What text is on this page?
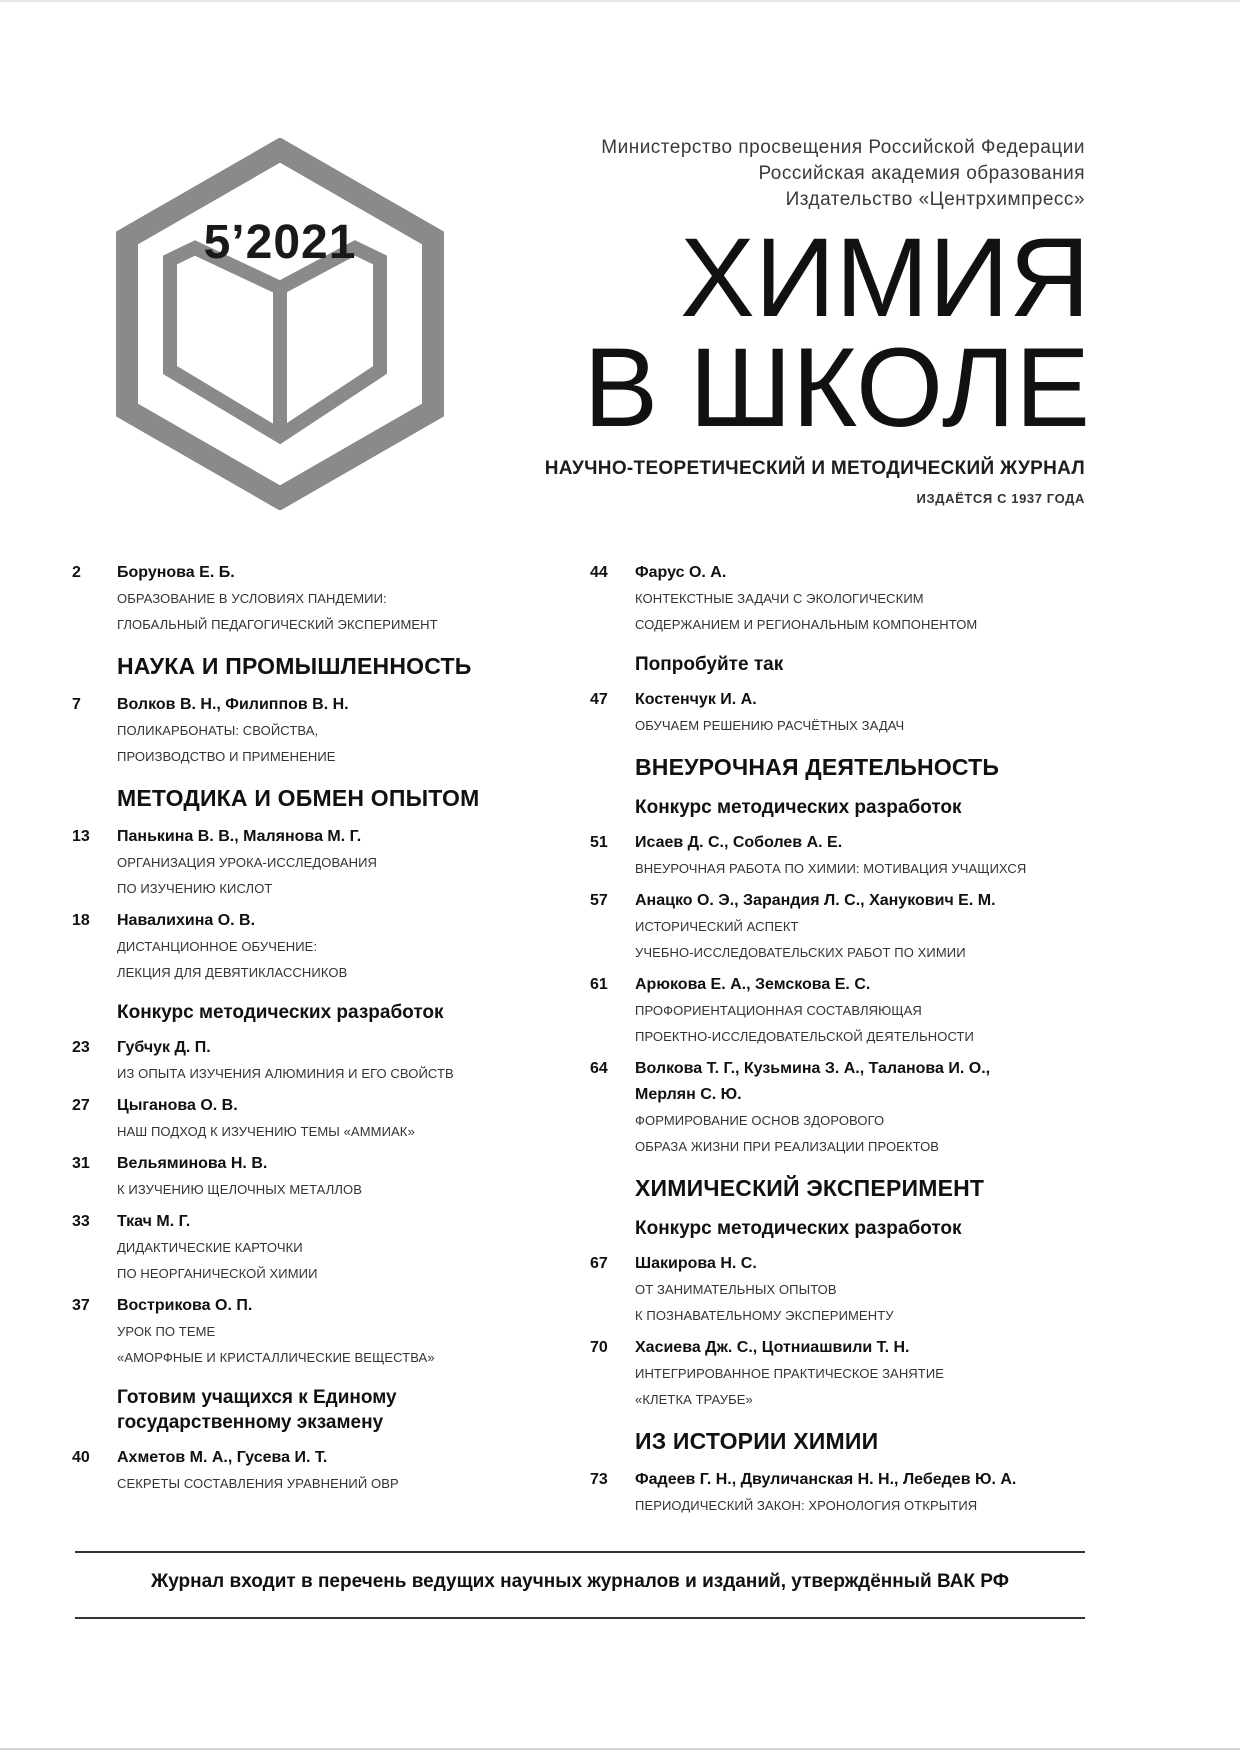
5’2021
Министерство просвещения Российской Федерации
Российская академия образования
Издательство «Центрхимпресс»
ХИМИЯ
В ШКОЛЕ
НАУЧНО-ТЕОРЕТИЧЕСКИЙ И МЕТОДИЧЕСКИЙ ЖУРНАЛ
ИЗДАЁТСЯ С 1937 ГОДА
2	Борунова Е. Б.
ОБРАЗОВАНИЕ В УСЛОВИЯХ ПАНДЕМИИ:
ГЛОБАЛЬНЫЙ ПЕДАГОГИЧЕСКИЙ ЭКСПЕРИМЕНТ
НАУКА И ПРОМЫШЛЕННОСТЬ
7	Волков В. Н., Филиппов В. Н.
ПОЛИКАРБОНАТЫ: СВОЙСТВА,
ПРОИЗВОДСТВО И ПРИМЕНЕНИЕ
МЕТОДИКА И ОБМЕН ОПЫТОМ
13	Панькина В. В., Малянова М. Г.
ОРГАНИЗАЦИЯ УРОКА-ИССЛЕДОВАНИЯ
ПО ИЗУЧЕНИЮ КИСЛОТ
18	Навалихина О. В.
ДИСТАНЦИОННОЕ ОБУЧЕНИЕ:
ЛЕКЦИЯ ДЛЯ ДЕВЯТИКЛАССНИКОВ
Конкурс методических разработок
23	Губчук Д. П.
ИЗ ОПЫТА ИЗУЧЕНИЯ АЛЮМИНИЯ И ЕГО СВОЙСТВ
27	Цыганова О. В.
НАШ ПОДХОД К ИЗУЧЕНИЮ ТЕМЫ «АММИАК»
31	Вельяминова Н. В.
К ИЗУЧЕНИЮ ЩЕЛОЧНЫХ МЕТАЛЛОВ
33	Ткач М. Г.
ДИДАКТИЧЕСКИЕ КАРТОЧКИ
ПО НЕОРГАНИЧЕСКОЙ ХИМИИ
37	Вострикова О. П.
УРОК ПО ТЕМЕ
«АМОРФНЫЕ И КРИСТАЛЛИЧЕСКИЕ ВЕЩЕСТВА»
Готовим учащихся к Единому
государственному экзамену
40	Ахметов М. А., Гусева И. Т.
СЕКРЕТЫ СОСТАВЛЕНИЯ УРАВНЕНИЙ ОВР
44	Фарус О. А.
КОНТЕКСТНЫЕ ЗАДАЧИ С ЭКОЛОГИЧЕСКИМ
СОДЕРЖАНИЕМ И РЕГИОНАЛЬНЫМ КОМПОНЕНТОМ
Попробуйте так
47	Костенчук И. А.
ОБУЧАЕМ РЕШЕНИЮ РАСЧЁТНЫХ ЗАДАЧ
ВНЕУРОЧНАЯ ДЕЯТЕЛЬНОСТЬ
Конкурс методических разработок
51	Исаев Д. С., Соболев А. Е.
ВНЕУРОЧНАЯ РАБОТА ПО ХИМИИ: МОТИВАЦИЯ УЧАЩИХСЯ
57	Анацко О. Э., Зарандия Л. С., Ханукович Е. М.
ИСТОРИЧЕСКИЙ АСПЕКТ
УЧЕБНО-ИССЛЕДОВАТЕЛЬСКИХ РАБОТ ПО ХИМИИ
61	Арюкова Е. А., Земскова Е. С.
ПРОФОРИЕНТАЦИОННАЯ СОСТАВЛЯЮЩАЯ
ПРОЕКТНО-ИССЛЕДОВАТЕЛЬСКОЙ ДЕЯТЕЛЬНОСТИ
64	Волкова Т. Г., Кузьмина З. А., Таланова И. О.,
Мерлян С. Ю.
ФОРМИРОВАНИЕ ОСНОВ ЗДОРОВОГО
ОБРАЗА ЖИЗНИ ПРИ РЕАЛИЗАЦИИ ПРОЕКТОВ
ХИМИЧЕСКИЙ ЭКСПЕРИМЕНТ
Конкурс методических разработок
67	Шакирова Н. С.
ОТ ЗАНИМАТЕЛЬНЫХ ОПЫТОВ
К ПОЗНАВАТЕЛЬНОМУ ЭКСПЕРИМЕНТУ
70	Хасиева Дж. С., Цотниашвили Т. Н.
ИНТЕГРИРОВАННОЕ ПРАКТИЧЕСКОЕ ЗАНЯТИЕ
«КЛЕТКА ТРАУБЕ»
ИЗ ИСТОРИИ ХИМИИ
73	Фадеев Г. Н., Двуличанская Н. Н., Лебедев Ю. А.
ПЕРИОДИЧЕСКИЙ ЗАКОН: ХРОНОЛОГИЯ ОТКРЫТИЯ
Журнал входит в перечень ведущих научных журналов и изданий, утверждённый ВАК РФ
